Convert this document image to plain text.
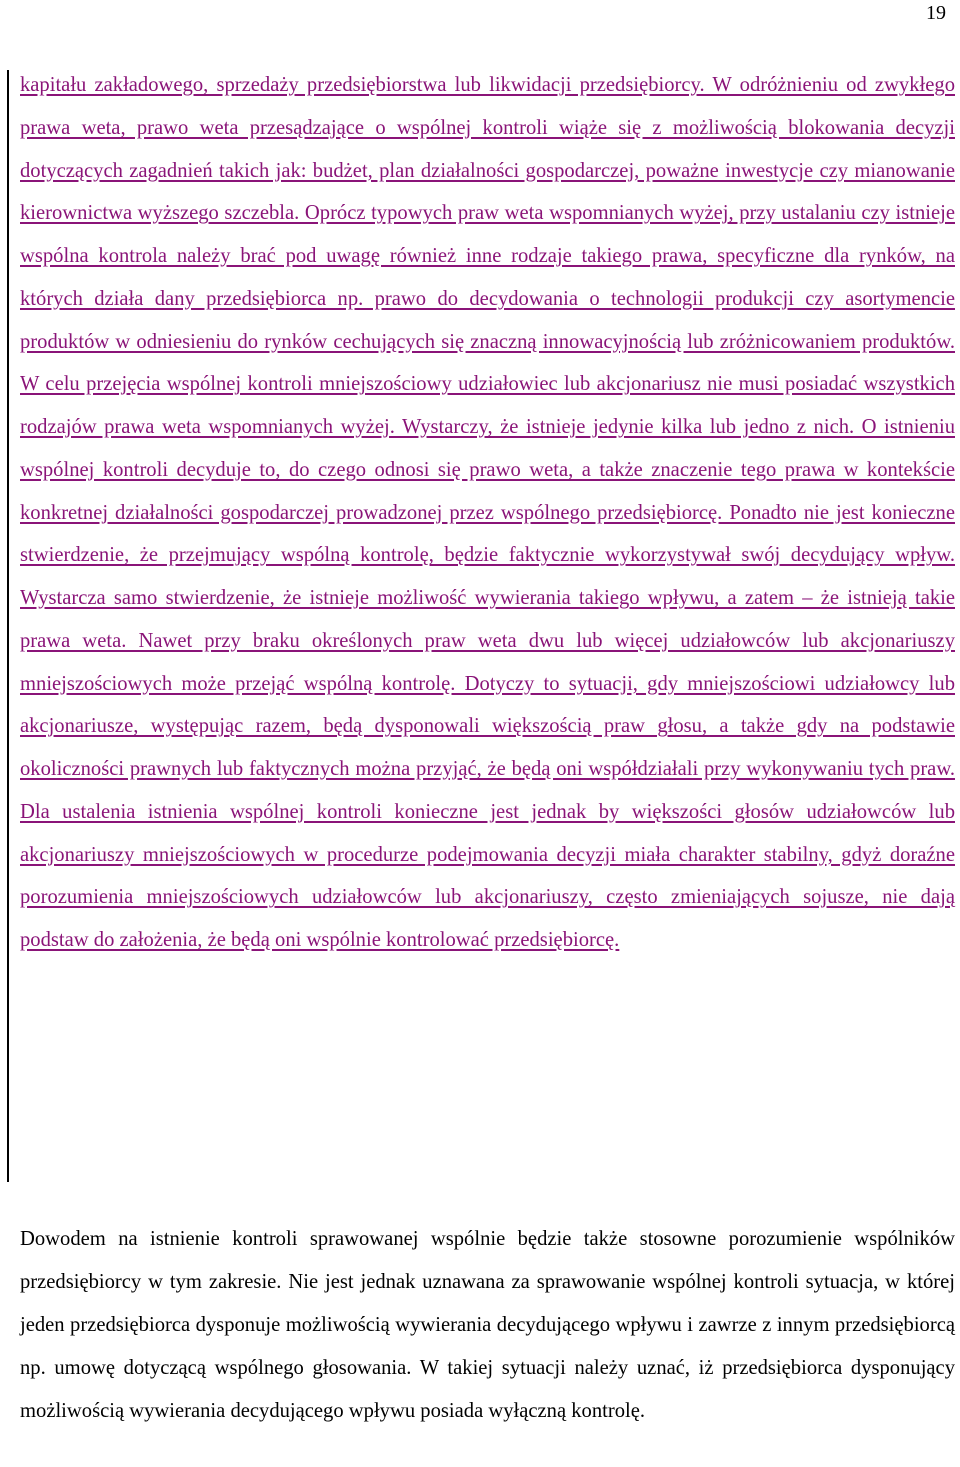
19

kapitału zakładowego, sprzedaży przedsiębiorstwa lub likwidacji przedsiębiorcy. W odróżnieniu od zwykłego prawa weta, prawo weta przesądzające o wspólnej kontroli wiąże się z możliwością blokowania decyzji dotyczących zagadnień takich jak: budżet, plan działalności gospodarczej, poważne inwestycje czy mianowanie kierownictwa wyższego szczebla. Oprócz typowych praw weta wspomnianych wyżej, przy ustalaniu czy istnieje wspólna kontrola należy brać pod uwagę również inne rodzaje takiego prawa, specyficzne dla rynków, na których działa dany przedsiębiorca np. prawo do decydowania o technologii produkcji czy asortymencie produktów w odniesieniu do rynków cechujących się znaczną innowacyjnością lub zróżnicowaniem produktów. W celu przejęcia wspólnej kontroli mniejszościowy udziałowiec lub akcjonariusz nie musi posiadać wszystkich rodzajów prawa weta wspomnianych wyżej. Wystarczy, że istnieje jedynie kilka lub jedno z nich. O istnieniu wspólnej kontroli decyduje to, do czego odnosi się prawo weta, a także znaczenie tego prawa w kontekście konkretnej działalności gospodarczej prowadzonej przez wspólnego przedsiębiorcę. Ponadto nie jest konieczne stwierdzenie, że przejmujący wspólną kontrolę, będzie faktycznie wykorzystywał swój decydujący wpływ. Wystarcza samo stwierdzenie, że istnieje możliwość wywierania takiego wpływu, a zatem – że istnieją takie prawa weta. Nawet przy braku określonych praw weta dwu lub więcej udziałowców lub akcjonariuszy mniejszościowych może przejąć wspólną kontrolę. Dotyczy to sytuacji, gdy mniejszościowi udziałowcy lub akcjonariusze, występując razem, będą dysponowali większością praw głosu, a także gdy na podstawie okoliczności prawnych lub faktycznych można przyjąć, że będą oni współdziałali przy wykonywaniu tych praw. Dla ustalenia istnienia wspólnej kontroli konieczne jest jednak by większości głosów udziałowców lub akcjonariuszy mniejszościowych w procedurze podejmowania decyzji miała charakter stabilny, gdyż doraźne porozumienia mniejszościowych udziałowców lub akcjonariuszy, często zmieniających sojusze, nie dają podstaw do założenia, że będą oni wspólnie kontrolować przedsiębiorcę.

Dowodem na istnienie kontroli sprawowanej wspólnie będzie także stosowne porozumienie wspólników przedsiębiorcy w tym zakresie. Nie jest jednak uznawana za sprawowanie wspólnej kontroli sytuacja, w której jeden przedsiębiorca dysponuje możliwością wywierania decydującego wpływu i zawrze z innym przedsiębiorcą np. umowę dotyczącą wspólnego głosowania. W takiej sytuacji należy uznać, iż przedsiębiorca dysponujący możliwością wywierania decydującego wpływu posiada wyłączną kontrolę.
